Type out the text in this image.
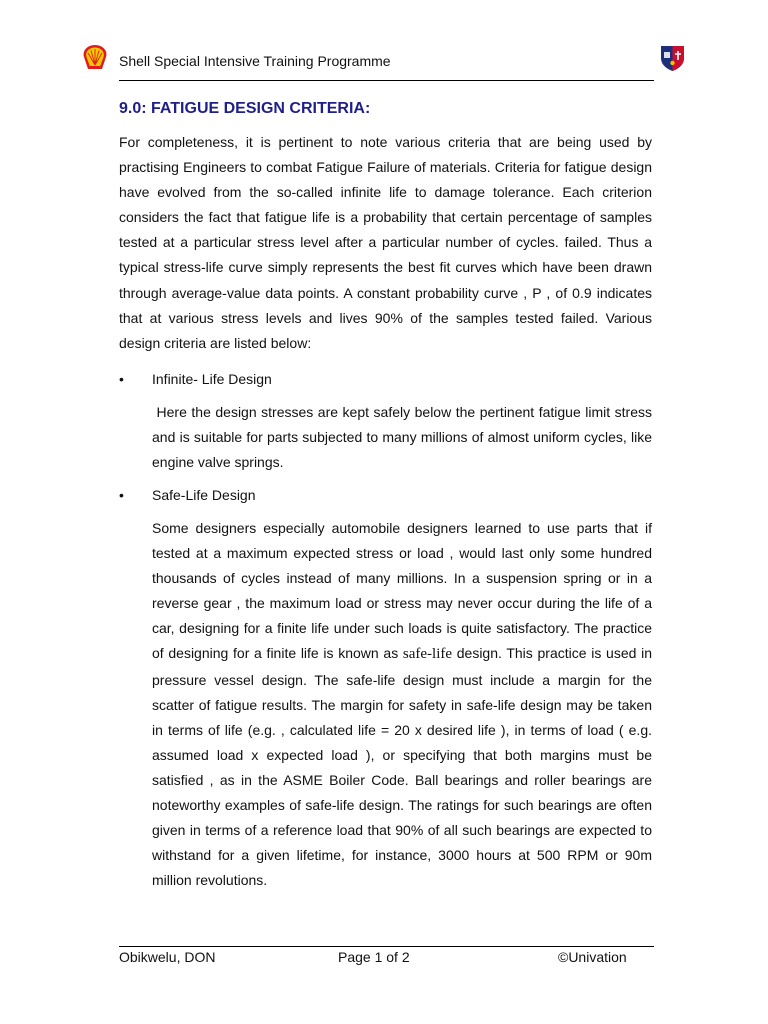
Shell Special Intensive Training Programme
9.0: FATIGUE DESIGN CRITERIA:

For completeness, it is pertinent to note various criteria that are being used by practising Engineers to combat Fatigue Failure of materials. Criteria for fatigue design have evolved from the so-called infinite life to damage tolerance. Each criterion considers the fact that fatigue life is a probability that certain percentage of samples tested at a particular stress level after a particular number of cycles. failed. Thus a typical stress-life curve simply represents the best fit curves which have been drawn through average-value data points. A constant probability curve , P , of 0.9 indicates that at various stress levels and lives 90% of the samples tested failed. Various design criteria are listed below:

• Infinite- Life Design

Here the design stresses are kept safely below the pertinent fatigue limit stress and is suitable for parts subjected to many millions of almost uniform cycles, like engine valve springs.

• Safe-Life Design

Some designers especially automobile designers learned to use parts that if tested at a maximum expected stress or load , would last only some hundred thousands of cycles instead of many millions. In a suspension spring or in a reverse gear , the maximum load or stress may never occur during the life of a car, designing for a finite life under such loads is quite satisfactory. The practice of designing for a finite life is known as safe-life design. This practice is used in pressure vessel design. The safe-life design must include a margin for the scatter of fatigue results. The margin for safety in safe-life design may be taken in terms of life (e.g. , calculated life = 20 x desired life ), in terms of load ( e.g. assumed load x expected load ), or specifying that both margins must be satisfied , as in the ASME Boiler Code. Ball bearings and roller bearings are noteworthy examples of safe-life design. The ratings for such bearings are often given in terms of a reference load that 90% of all such bearings are expected to withstand for a given lifetime, for instance, 3000 hours at 500 RPM or 90m million revolutions.

Obikwelu, DON	Page 1 of 2	©Univation
